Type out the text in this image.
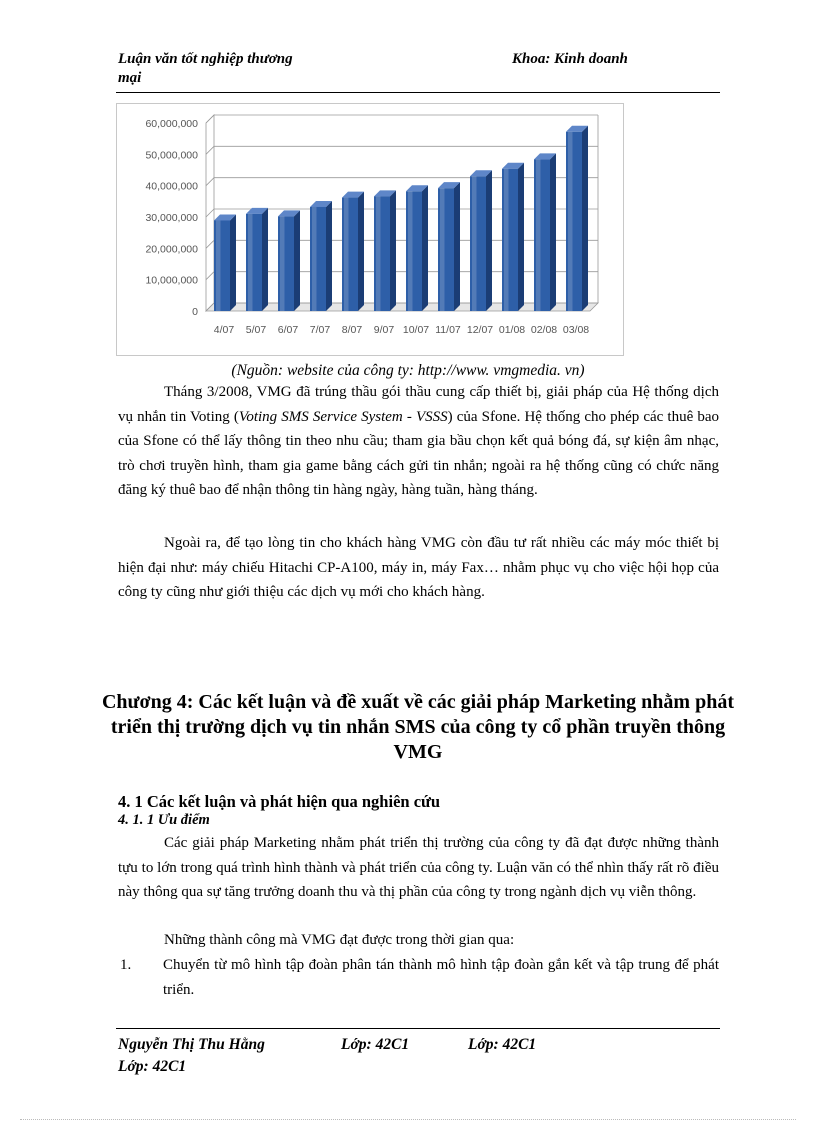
Luận văn tốt nghiệp thương mại
Khoa: Kinh doanh
0
10,000,000
20,000,000
30,000,000
40,000,000
50,000,000
60,000,000
4/07 5/07 6/07 7/07 8/07 9/07 10/07 11/07 12/07 01/08 02/08 03/08
(Nguồn: website của công ty: http://www. vmgmedia. vn)

Tháng 3/2008, VMG đã trúng thầu gói thầu cung cấp thiết bị, giải pháp của Hệ thống dịch vụ nhắn tin Voting (Voting SMS Service System - VSSS) của Sfone. Hệ thống cho phép các thuê bao của Sfone có thể lấy thông tin theo nhu cầu; tham gia bầu chọn kết quả bóng đá, sự kiện âm nhạc, trò chơi truyền hình, tham gia game bằng cách gửi tin nhắn; ngoài ra hệ thống cũng có chức năng đăng ký thuê bao để nhận thông tin hàng ngày, hàng tuần, hàng tháng.

Ngoài ra, để tạo lòng tin cho khách hàng VMG còn đầu tư rất nhiều các máy móc thiết bị hiện đại như: máy chiếu Hitachi CP-A100, máy in, máy Fax… nhằm phục vụ cho việc hội họp của công ty cũng như giới thiệu các dịch vụ mới cho khách hàng.

Chương 4: Các kết luận và đề xuất về các giải pháp Marketing nhằm phát triển thị trường dịch vụ tin nhắn SMS của công ty cổ phần truyền thông VMG
4. 1 Các kết luận và phát hiện qua nghiên cứu
4. 1. 1 Ưu điểm

Các giải pháp Marketing nhằm phát triển thị trường của công ty đã đạt được những thành tựu to lớn trong quá trình hình thành và phát triển của công ty. Luận văn có thể nhìn thấy rất rõ điều này thông qua sự tăng trưởng doanh thu và thị phần của công ty trong ngành dịch vụ viễn thông.

Những thành công mà VMG đạt được trong thời gian qua:

1. Chuyển từ mô hình tập đoàn phân tán thành mô hình tập đoàn gắn kết và tập trung để phát triển.
Nguyễn Thị Thu Hằng	Lớp: 42C1	Lớp: 42C1
Lớp: 42C1
